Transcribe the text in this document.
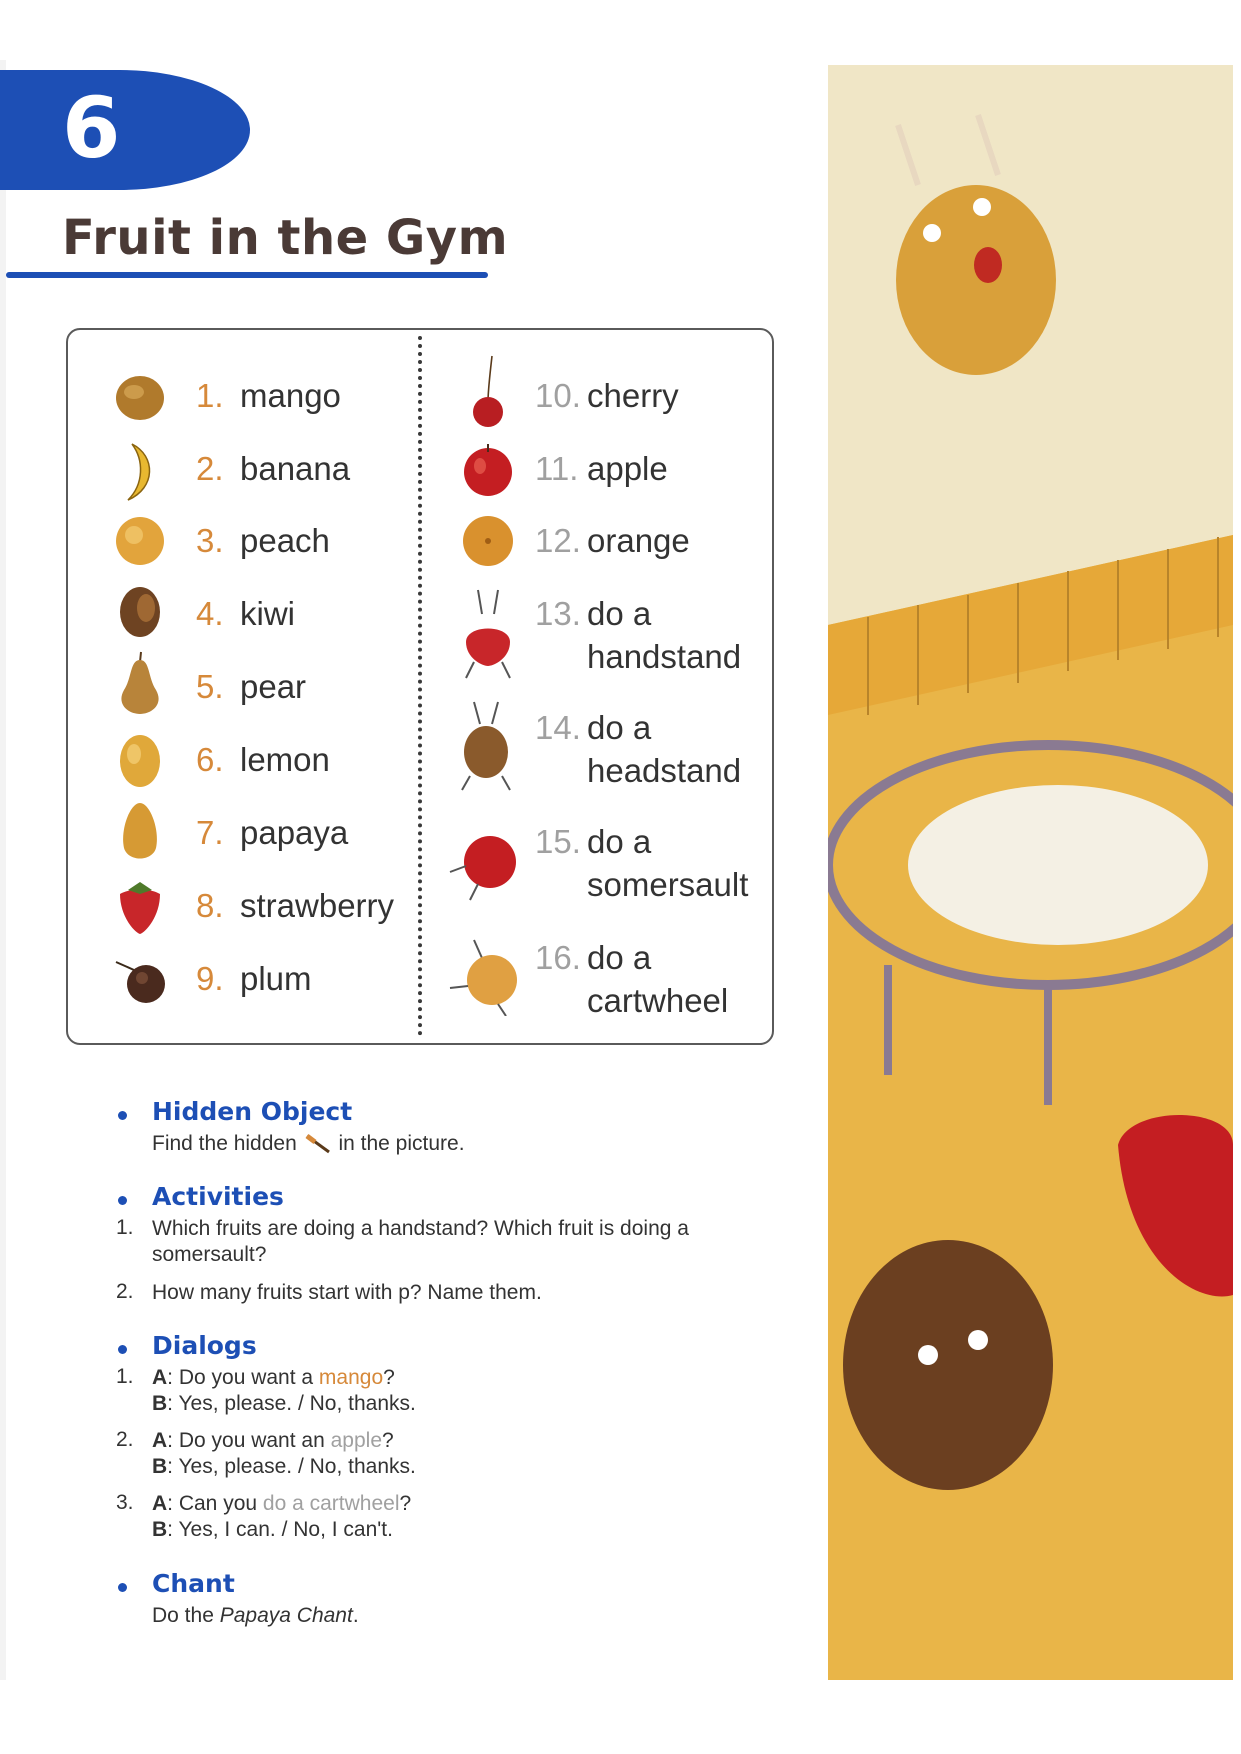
6
Fruit in the Gym
1. mango
2. banana
3. peach
4. kiwi
5. pear
6. lemon
7. papaya
8. strawberry
9. plum
10. cherry
11. apple
12. orange
13. do a
handstand
14. do a
headstand
15. do a
somersault
16. do a
cartwheel
Hidden Object
Find the hidden in the picture.
Activities
1. Which fruits are doing a handstand? Which fruit is doing a
somersault?
2. How many fruits start with p? Name them.
Dialogs
1. A: Do you want a mango?
B: Yes, please. / No, thanks.
2. A: Do you want an apple?
B: Yes, please. / No, thanks.
3. A: Can you do a cartwheel?
B: Yes, I can. / No, I can't.
Chant
Do the Papaya Chant.
